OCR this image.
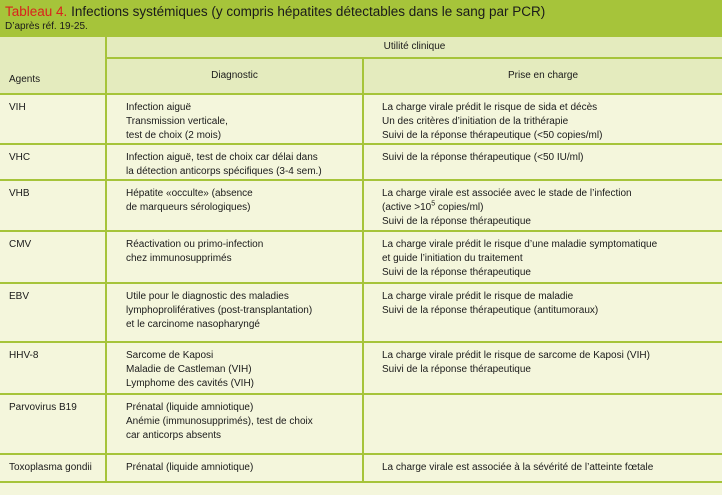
Tableau 4. Infections systémiques (y compris hépatites détectables dans le sang par PCR)
D’après réf. 19-25.
Agents	Utilité clinique	
	Diagnostic	Prise en charge
VIH	Infection aiguë
Transmission verticale,
test de choix (2 mois)	La charge virale prédit le risque de sida et décès
Un des critères d’initiation de la trithérapie
Suivi de la réponse thérapeutique (<50 copies/ml)

VHC	Infection aiguë, test de choix car délai dans
la détection anticorps spécifiques (3-4 sem.)	Suivi de la réponse thérapeutique (<50 IU/ml)

VHB	Hépatite «occulte» (absence
de marqueurs sérologiques)	La charge virale est associée avec le stade de l’infection
(active $>10^5$ copies/ml)
Suivi de la réponse thérapeutique

CMV	Réactivation ou primo-infection
chez immunosupprimés	La charge virale prédit le risque d’une maladie symptomatique
et guide l’initiation du traitement
Suivi de la réponse thérapeutique

EBV	Utile pour le diagnostic des maladies
lymphoprolifératives (post-transplantation)
et le carcinome nasopharyngé	La charge virale prédit le risque de maladie
Suivi de la réponse thérapeutique (antitumoraux)

HHV-8	Sarcome de Kaposi
Maladie de Castleman (VIH)
Lymphome des cavités (VIH)	La charge virale prédit le risque de sarcome de Kaposi (VIH)
Suivi de la réponse thérapeutique

Parvovirus B19	Prénatal (liquide amniotique)
Anémie (immunosupprimés), test de choix
car anticorps absents	

Toxoplasma gondii	Prénatal (liquide amniotique)	La charge virale est associée à la sévérité de l’atteinte fœtale
